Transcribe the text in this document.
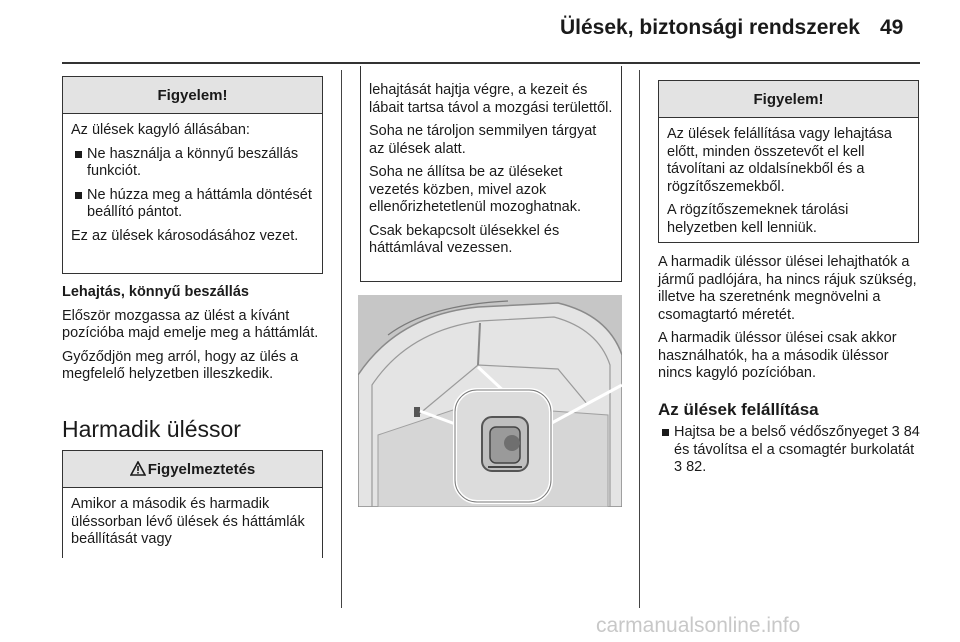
Ülések, biztonsági rendszerek 49
Figyelem!

Az ülések kagyló állásában:

Ne használja a könnyű beszállás funkciót.
Ne húzza meg a háttámla döntését beállító pántot.

Ez az ülések károsodásához vezet.

Lehajtás, könnyű beszállás

Először mozgassa az ülést a kívánt pozícióba majd emelje meg a háttámlát.

Győződjön meg arról, hogy az ülés a megfelelő helyzetben illeszkedik.

Harmadik üléssor
Figyelmeztetés

Amikor a második és harmadik üléssorban lévő ülések és háttámlák beállítását vagy

lehajtását hajtja végre, a kezeit és lábait tartsa távol a mozgási területtől.

Soha ne tároljon semmilyen tárgyat az ülések alatt.

Soha ne állítsa be az üléseket vezetés közben, mivel azok ellenőrizhetetlenül mozoghatnak.

Csak bekapcsolt ülésekkel és háttámlával vezessen.

Figyelem!

Az ülések felállítása vagy lehajtása előtt, minden összetevőt el kell távolítani az oldalsínekből és a rögzítőszemekből.

A rögzítőszemeknek tárolási helyzetben kell lenniük.

A harmadik üléssor ülései lehajthatók a jármű padlójára, ha nincs rájuk szükség, illetve ha szeretnénk megnövelni a csomagtartó méretét.

A harmadik üléssor ülései csak akkor használhatók, ha a második üléssor nincs kagyló pozícióban.

Az ülések felállítása
Hajtsa be a belső védőszőnyeget 3 84 és távolítsa el a csomagtér burkolatát 3 82.
carmanualsonline.info
